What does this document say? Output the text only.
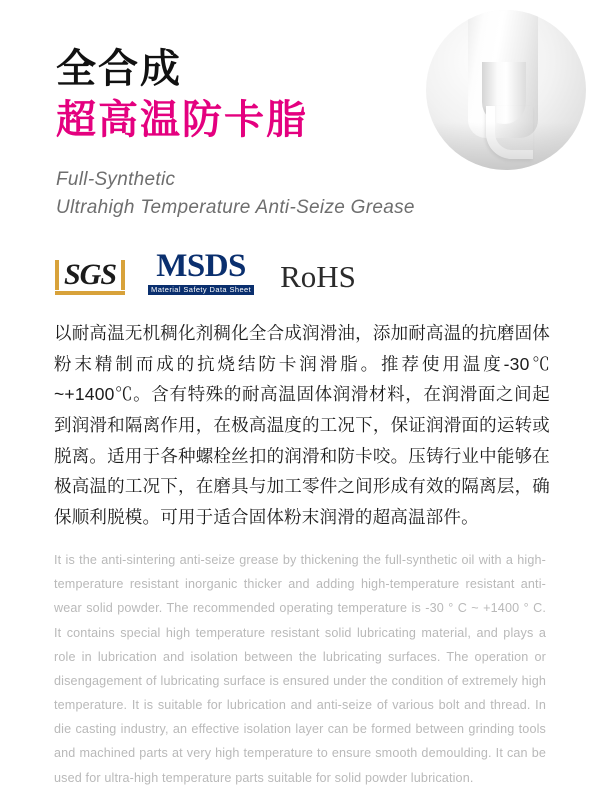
全合成
超高温防卡脂
Full-Synthetic
Ultrahigh Temperature Anti-Seize Grease
SGS MSDS
Material Safety Data Sheet RoHS
以耐高温无机稠化剂稠化全合成润滑油，添加耐高温的抗磨固体粉末精制而成的抗烧结防卡润滑脂。推荐使用温度-30℃ ~+1400℃。含有特殊的耐高温固体润滑材料，在润滑面之间起到润滑和隔离作用，在极高温度的工况下，保证润滑面的运转或脱离。适用于各种螺栓丝扣的润滑和防卡咬。压铸行业中能够在极高温的工况下，在磨具与加工零件之间形成有效的隔离层，确保顺利脱模。可用于适合固体粉末润滑的超高温部件。
It is the anti-sintering anti-seize grease by thickening the full-synthetic oil with a high-temperature resistant inorganic thicker and adding high-temperature resistant anti-wear solid powder. The recommended operating temperature is -30 ° C ~ +1400 ° C. It contains special high temperature resistant solid lubricating material, and plays a role in lubrication and isolation between the lubricating surfaces. The operation or disengagement of lubricating surface is ensured under the condition of extremely high temperature. It is suitable for lubrication and anti-seize of various bolt and thread. In die casting industry, an effective isolation layer can be formed between grinding tools and machined parts at very high temperature to ensure smooth demoulding. It can be used for ultra-high temperature parts suitable for solid powder lubrication.
